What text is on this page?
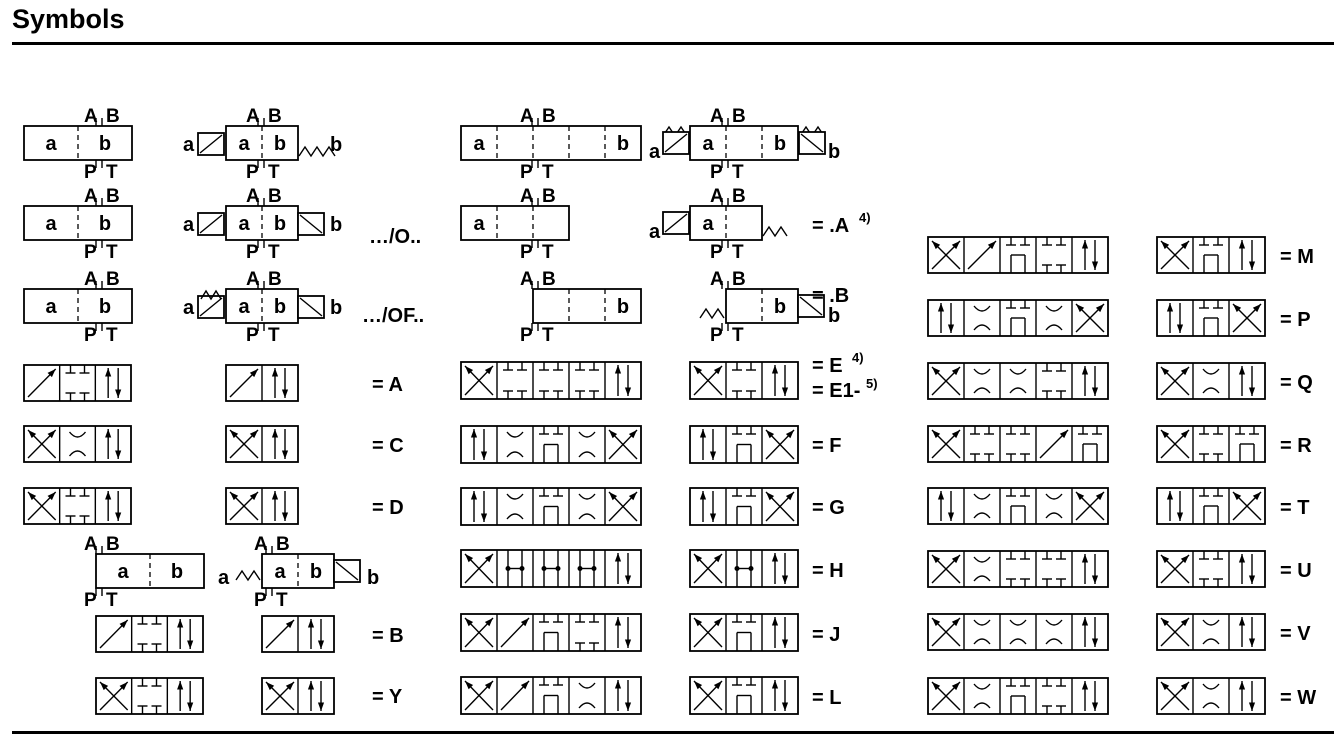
Symbols
a b
A B
P T
a b
A B
P T
a b
A B
P T
a b
A B
P T
a a b
A B
P T
b
a a b
A B
P T
b
a a b
A B
P T
b
…/O..
…/OF..
= A
= C
= D
a a b
A B
P T
b
= B
= Y
a	b
A B
P T
a
A B
P T
b
A B
P T
a a	b
A B
P T
b
a a
A B
P T
= .A 4)
b
A B
P T
= .B
b
= E 4)
= E1- 5)
= F
= G
= H
= J
= L
= M
= P
= Q
= R
= T
= U
= V
= W
